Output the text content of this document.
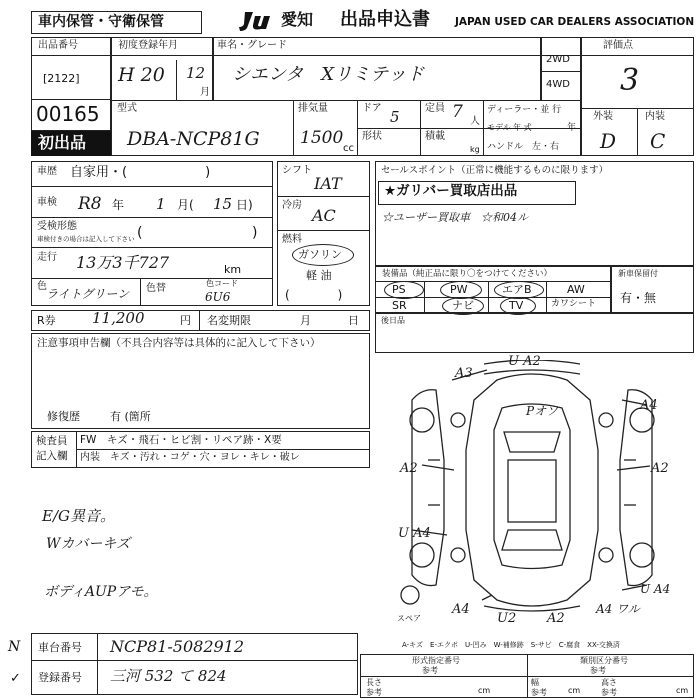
車内保管・守衛保管	愛知 出品申込書 JAPAN USED CAR DEALERS ASSOCIATION
出品番号
[2122]
00165
初出品
初度登録年月
H 20 12
月
車名・グレード
シエンタ　Xリミテッド
2WD
4WD
評価点
3
外装	内装
D C
型式
DBA-NCP81G
排気量
1500
cc
ドア 5
形状
定員 7 人
積載
kg
ディーラー・並 行
モデル 年 式	年
ハンドル　左・右
車歴 自家用・(　　　　　　)
車検 R8 年 1 月( 15 日)
受検形態
車検付きの場合は記入して下さい (	)
走行 13万3千727	km
色
ライトグリーン 色替	色コード
6U6
シフト
IAT
冷房
AC
燃料
ガソリン
軽 油
(　　　　)
セールスポイント（正常に機能するものに限ります）
★ガリバー買取店出品
☆ユーザー買取車　☆和04ル
装備品（純正品に限り〇をつけてください）
PS	PW	エアB	AW
SR	ナビ	TV	カワシート
新車保留付
有・無
R券 11,200	円 名変期限	月	日	後日品
注意事項申告欄（不具合内容等は具体的に記入して下さい）
修復歴	有 (箇所
検査員
記入欄
FW　キズ・飛石・ヒビ割・リペア跡・X要
内装　キズ・汚れ・コゲ・穴・ヨレ・キレ・破レ
E/G異音。
Wカバーキズ
ボディAUPアモ。
A3
U A2
A4
Pオソ
A2	A2
U A4
A4
U2 A2
A4 ワル
U A4
スペア
A-キズ　E-エクボ　U-凹み　W-補修跡　S-サビ　C-腐食　XX-交換済
N
✓
車台番号 NCP81-5082912
登録番号 三河 532 て 824
形式指定番号
参考
類別区分番号
参考
長さ
参考	cm
幅
参考	cm
高さ
参考	cm
